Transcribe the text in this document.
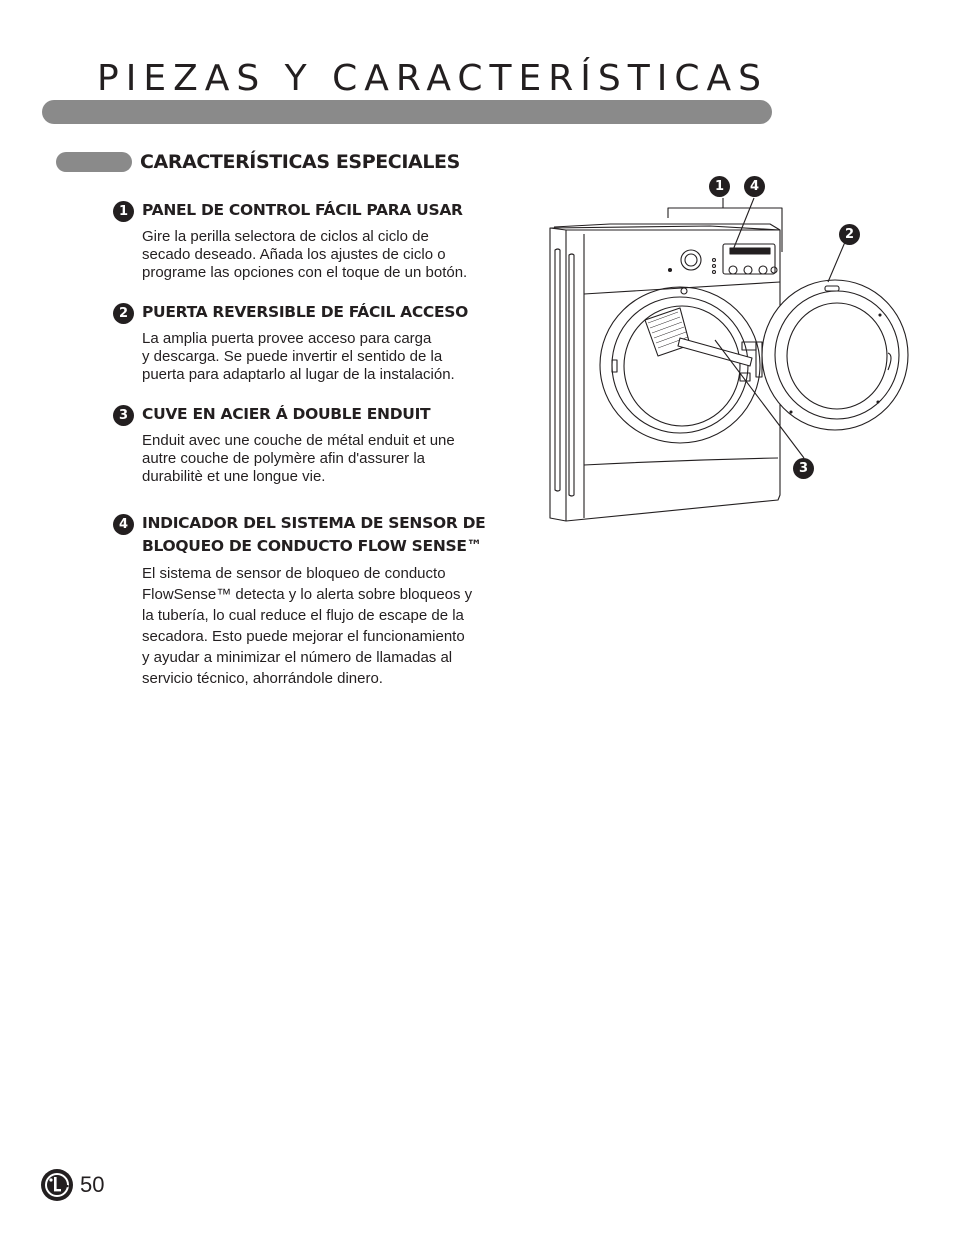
PIEZAS Y CARACTERÍSTICAS
CARACTERÍSTICAS ESPECIALES
1 PANEL DE CONTROL FÁCIL PARA USAR

Gire la perilla selectora de ciclos al ciclo de
secado deseado. Añada los ajustes de ciclo o
programe las opciones con el toque de un botón.

2 PUERTA REVERSIBLE DE FÁCIL ACCESO

La amplia puerta provee acceso para carga
y descarga. Se puede invertir el sentido de la
puerta para adaptarlo al lugar de la instalación.

3 CUVE EN ACIER Á DOUBLE ENDUIT

Enduit avec une couche de métal enduit et une
autre couche de polymère afin d'assurer la
durabilitè et une longue vie.

4 INDICADOR DEL SISTEMA DE SENSOR DE BLOQUEO DE CONDUCTO FLOW SENSE™

El sistema de sensor de bloqueo de conducto
FlowSense™ detecta y lo alerta sobre bloqueos y
la tubería, lo cual reduce el flujo de escape de la
secadora. Esto puede mejorar el funcionamiento
y ayudar a minimizar el número de llamadas al
servicio técnico, ahorrándole dinero.

1	4
2
3
50
